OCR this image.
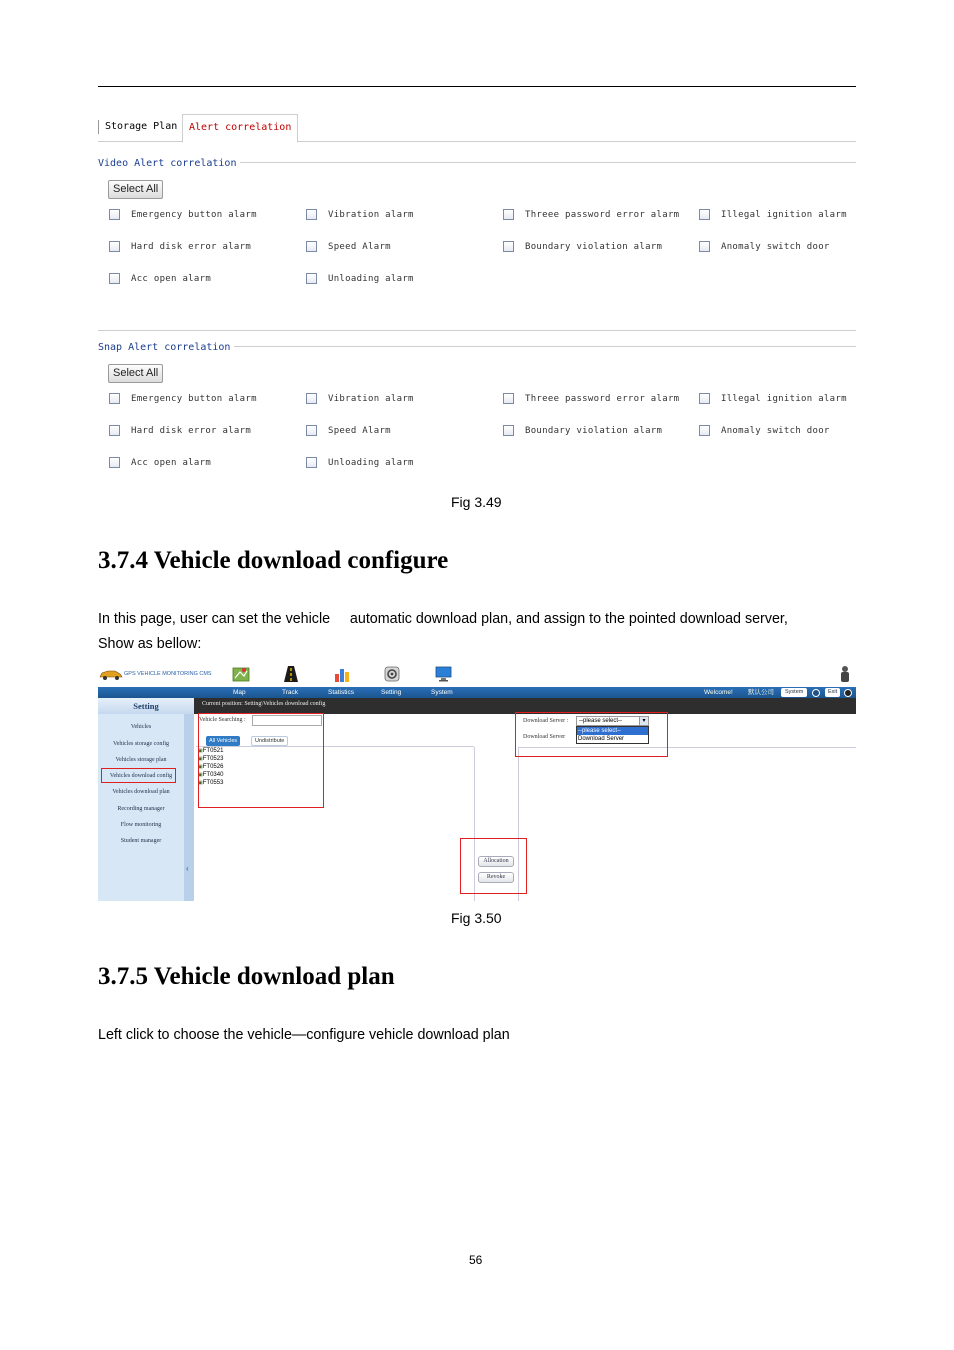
Storage Plan	Alert correlation
Video Alert correlation
Select All
Emergency button alarm	Vibration alarm	Threee password error alarm	Illegal ignition alarm
Hard disk error alarm	Speed Alarm	Boundary violation alarm	Anomaly switch door
Acc open alarm	Unloading alarm
Snap Alert correlation
Select All
Emergency button alarm	Vibration alarm	Threee password error alarm	Illegal ignition alarm
Hard disk error alarm	Speed Alarm	Boundary violation alarm	Anomaly switch door
Acc open alarm	Unloading alarm
Fig 3.49
3.7.4 Vehicle download configure
In this page, user can set the vehicle     automatic download plan, and assign to the pointed download server,
Show as bellow:
GPS VEHICLE MONITORING CMS
Map	Track	Statistics	Setting	System	Welcome! 默认公司	System	Exit
Current position: Setting\Vehicles download config
Setting
Vehicles
Vehicles storage config
Vehicles storage plan
Vehicles download config
Vehicles download plan
Recording manager
Flow monitoring
Student manager
‹
Vehicle Searching :
All Vehicles	Undistribute
▣FT0521
▣FT0523
▣FT0526
▣FT0340
▣FT0553
Download Server : --please select--	▾
--please select--
Download Server
Download Server
Allocation
Revoke
Fig 3.50
3.7.5 Vehicle download plan
Left click to choose the vehicle—configure vehicle download plan
56
